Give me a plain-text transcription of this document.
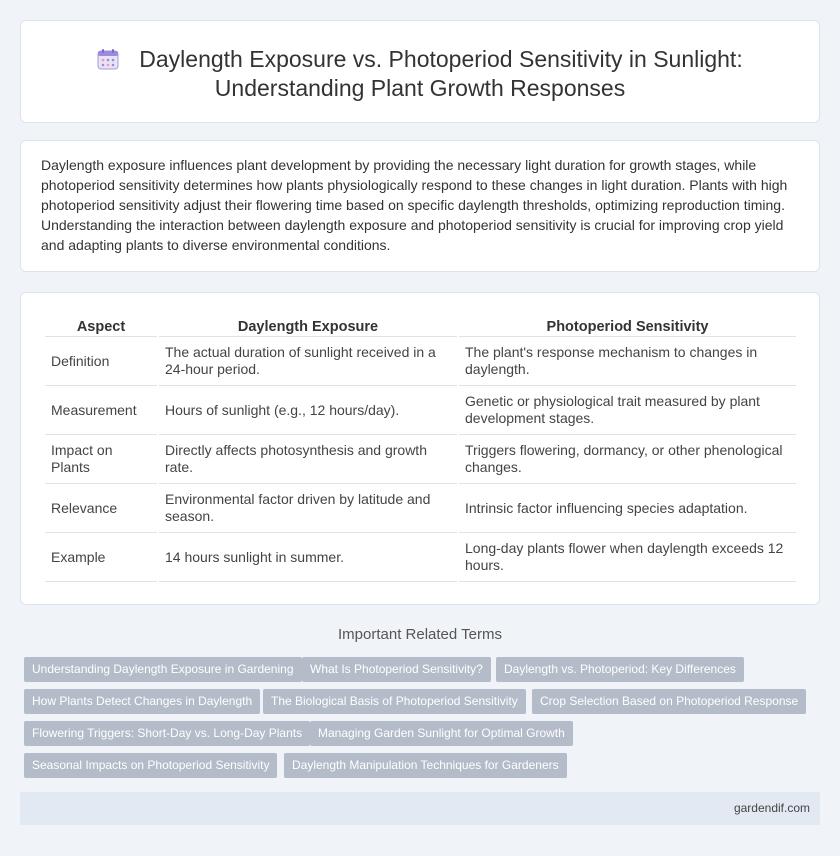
Daylength Exposure vs. Photoperiod Sensitivity in Sunlight: Understanding Plant Growth Responses

Daylength exposure influences plant development by providing the necessary light duration for growth stages, while photoperiod sensitivity determines how plants physiologically respond to these changes in light duration. Plants with high photoperiod sensitivity adjust their flowering time based on specific daylength thresholds, optimizing reproduction timing. Understanding the interaction between daylength exposure and photoperiod sensitivity is crucial for improving crop yield and adapting plants to diverse environmental conditions.

Aspect	Daylength Exposure	Photoperiod Sensitivity
Definition	The actual duration of sunlight received in a 24-hour period.	The plant's response mechanism to changes in daylength.
Measurement	Hours of sunlight (e.g., 12 hours/day).	Genetic or physiological trait measured by plant development stages.
Impact on Plants	Directly affects photosynthesis and growth rate.	Triggers flowering, dormancy, or other phenological changes.
Relevance	Environmental factor driven by latitude and season.	Intrinsic factor influencing species adaptation.
Example	14 hours sunlight in summer.	Long-day plants flower when daylength exceeds 12 hours.
Important Related Terms
Understanding Daylength Exposure in Gardening	What Is Photoperiod Sensitivity?	Daylength vs. Photoperiod: Key Differences
How Plants Detect Changes in Daylength	The Biological Basis of Photoperiod Sensitivity	Crop Selection Based on Photoperiod Response
Flowering Triggers: Short-Day vs. Long-Day Plants	Managing Garden Sunlight for Optimal Growth
Seasonal Impacts on Photoperiod Sensitivity	Daylength Manipulation Techniques for Gardeners
gardendif.com
